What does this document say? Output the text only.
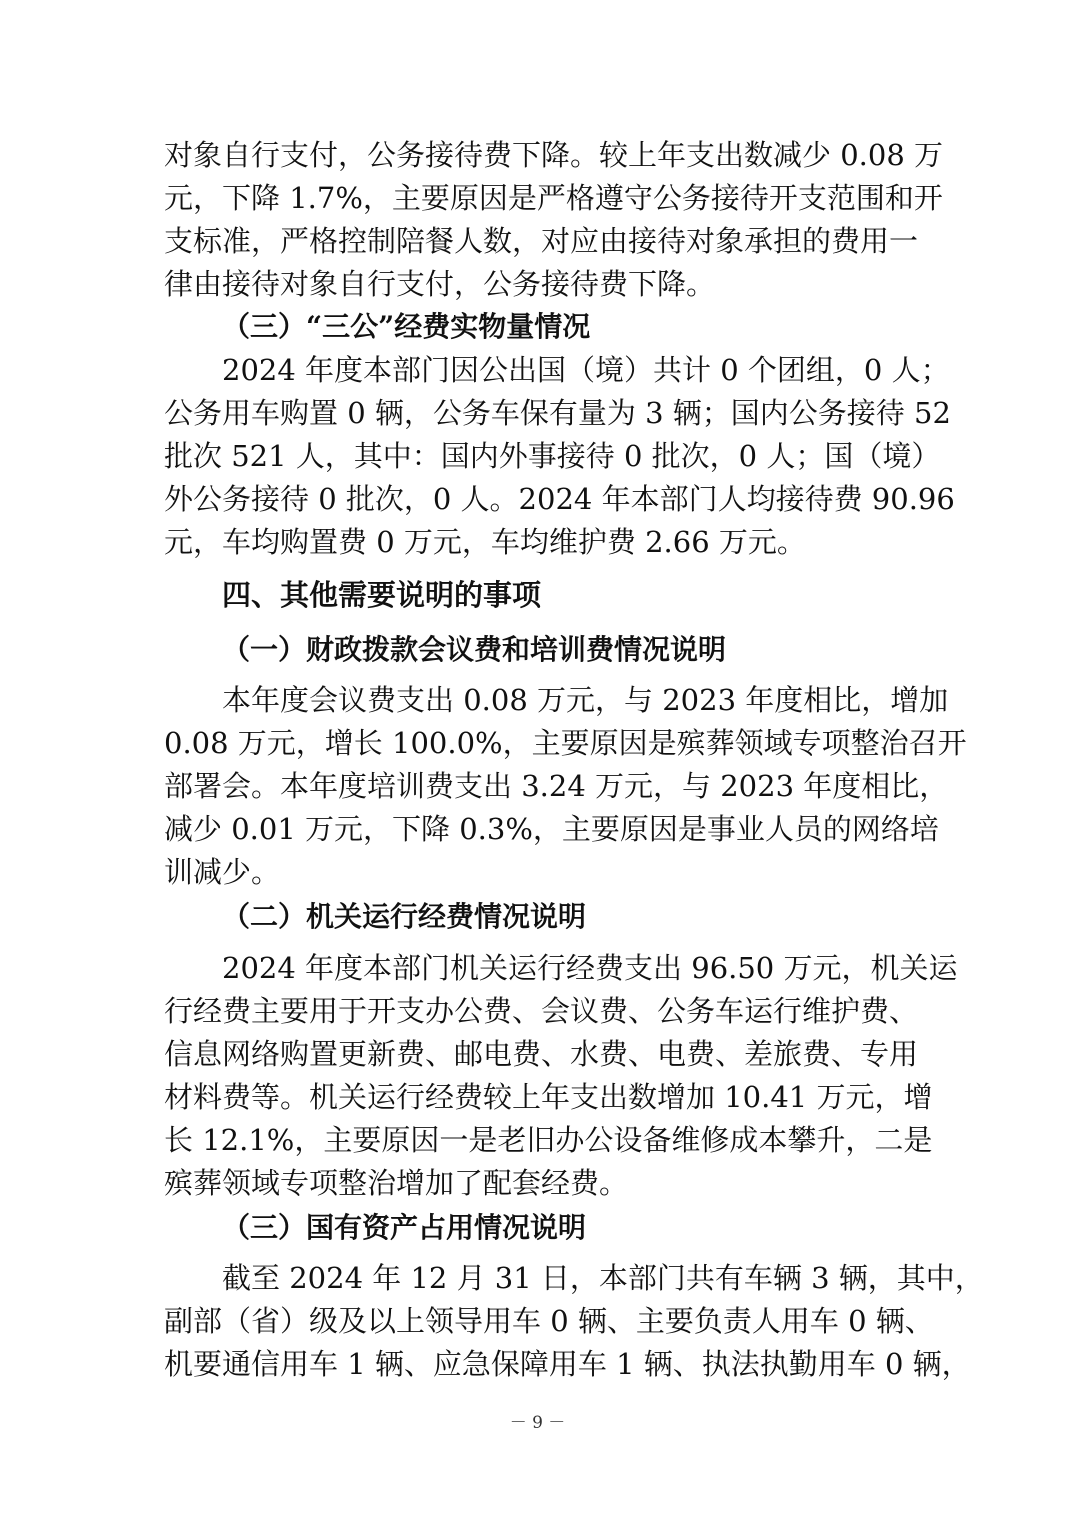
对象自行支付，公务接待费下降。较上年支出数减少 0.08 万
元，下降 1.7%，主要原因是严格遵守公务接待开支范围和开
支标准，严格控制陪餐人数，对应由接待对象承担的费用一
律由接待对象自行支付，公务接待费下降。
（三）“三公”经费实物量情况
2024 年度本部门因公出国（境）共计 0 个团组，0 人；
公务用车购置 0 辆，公务车保有量为 3 辆；国内公务接待 52
批次 521 人，其中：国内外事接待 0 批次，0 人；国（境）
外公务接待 0 批次，0 人。2024 年本部门人均接待费 90.96
元，车均购置费 0 万元，车均维护费 2.66 万元。
四、其他需要说明的事项
（一）财政拨款会议费和培训费情况说明
本年度会议费支出 0.08 万元，与 2023 年度相比，增加
0.08 万元，增长 100.0%，主要原因是殡葬领域专项整治召开
部署会。本年度培训费支出 3.24 万元，与 2023 年度相比，
减少 0.01 万元，下降 0.3%，主要原因是事业人员的网络培
训减少。
（二）机关运行经费情况说明
2024 年度本部门机关运行经费支出 96.50 万元，机关运
行经费主要用于开支办公费、会议费、公务车运行维护费、
信息网络购置更新费、邮电费、水费、电费、差旅费、专用
材料费等。机关运行经费较上年支出数增加 10.41 万元，增
长 12.1%，主要原因一是老旧办公设备维修成本攀升，二是
殡葬领域专项整治增加了配套经费。
（三）国有资产占用情况说明
截至 2024 年 12 月 31 日，本部门共有车辆 3 辆，其中，
副部（省）级及以上领导用车 0 辆、主要负责人用车 0 辆、
机要通信用车 1 辆、应急保障用车 1 辆、执法执勤用车 0 辆，
－ 9 －
